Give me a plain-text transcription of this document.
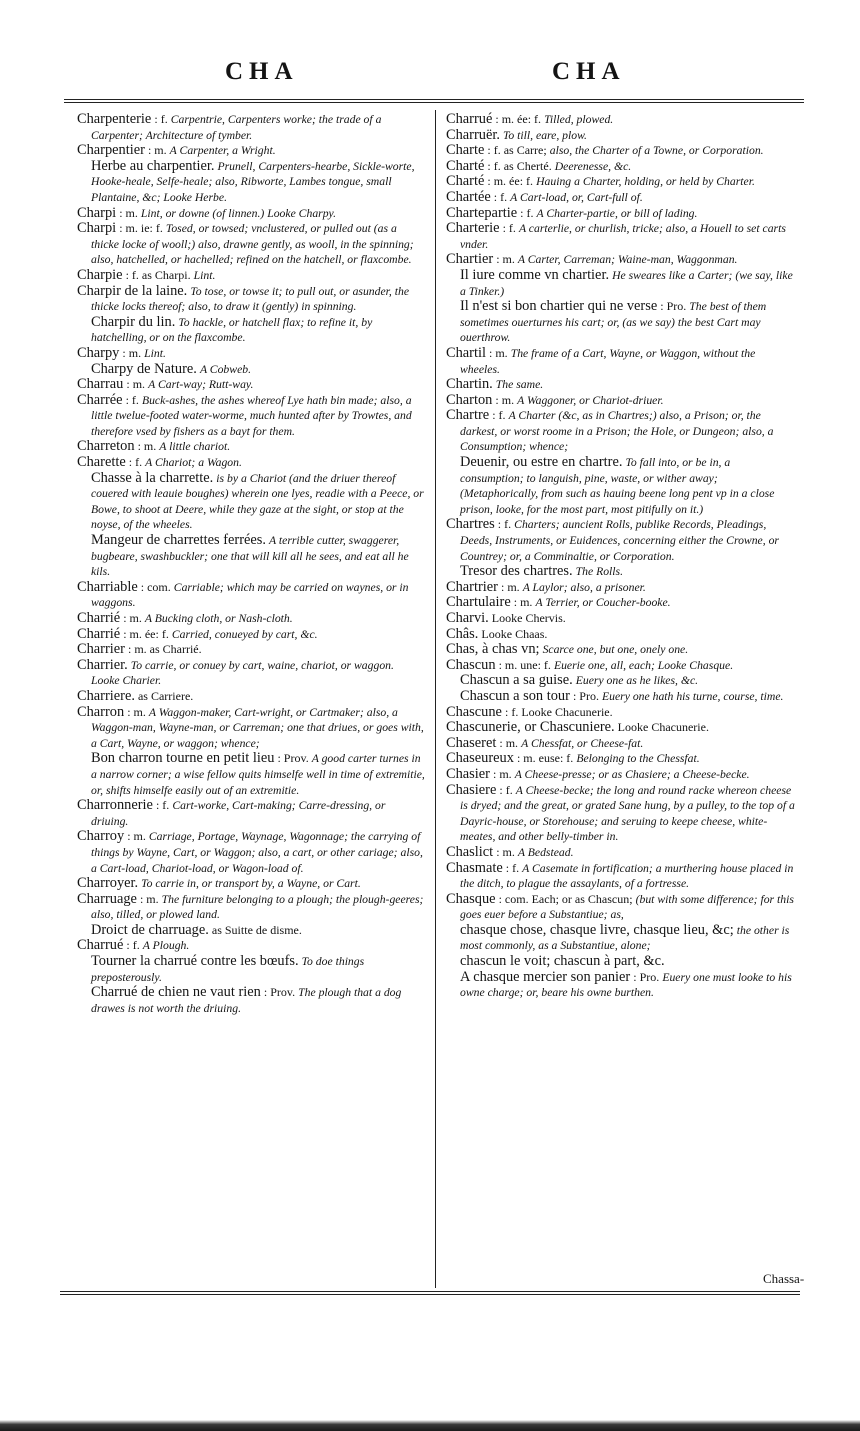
CHA	CHA

Charpenterie : f. Carpentrie, Carpenters worke; the trade of a Carpenter; Architecture of tymber.

Charpentier : m. A Carpenter, a Wright.

Herbe au charpentier. Prunell, Carpenters-hearbe, Sickle-worte, Hooke-heale, Selfe-heale; also, Ribworte, Lambes tongue, small Plantaine, &c; Looke Herbe.

Charpi : m. Lint, or downe (of linnen.) Looke Charpy.

Charpi : m. ie: f. Tosed, or towsed; vnclustered, or pulled out (as a thicke locke of wooll;) also, drawne gently, as wooll, in the spinning; also, hatchelled, or hachelled; refined on the hatchell, or flaxcombe.

Charpie : f. as Charpi. Lint.

Charpir de la laine. To tose, or towse it; to pull out, or asunder, the thicke locks thereof; also, to draw it (gently) in spinning.

Charpir du lin. To hackle, or hatchell flax; to refine it, by hatchelling, or on the flaxcombe.

Charpy : m. Lint.

Charpy de Nature. A Cobweb.

Charrau : m. A Cart-way; Rutt-way.

Charrée : f. Buck-ashes, the ashes whereof Lye hath bin made; also, a little twelue-footed water-worme, much hunted after by Trowtes, and therefore vsed by fishers as a bayt for them.

Charreton : m. A little chariot.

Charette : f. A Chariot; a Wagon.

Chasse à la charrette. is by a Chariot (and the driuer thereof couered with leauie boughes) wherein one lyes, readie with a Peece, or Bowe, to shoot at Deere, while they gaze at the sight, or stop at the noyse, of the wheeles.

Mangeur de charrettes ferrées. A terrible cutter, swaggerer, bugbeare, swashbuckler; one that will kill all he sees, and eat all he kils.

Charriable : com. Carriable; which may be carried on waynes, or in waggons.

Charrié : m. A Bucking cloth, or Nash-cloth.

Charrié : m. ée: f. Carried, conueyed by cart, &c.

Charrier : m. as Charrié.

Charrier. To carrie, or conuey by cart, waine, chariot, or waggon. Looke Charier.

Charriere. as Carriere.

Charron : m. A Waggon-maker, Cart-wright, or Cartmaker; also, a Waggon-man, Wayne-man, or Carreman; one that driues, or goes with, a Cart, Wayne, or waggon; whence;

Bon charron tourne en petit lieu : Prov. A good carter turnes in a narrow corner; a wise fellow quits himselfe well in time of extremitie, or, shifts himselfe easily out of an extremitie.

Charronnerie : f. Cart-worke, Cart-making; Carre-dressing, or driuing.

Charroy : m. Carriage, Portage, Waynage, Wagonnage; the carrying of things by Wayne, Cart, or Waggon; also, a cart, or other cariage; also, a Cart-load, Chariot-load, or Wagon-load of.

Charroyer. To carrie in, or transport by, a Wayne, or Cart.

Charruage : m. The furniture belonging to a plough; the plough-geeres; also, tilled, or plowed land.

Droict de charruage. as Suitte de disme.

Charrué : f. A Plough.

Tourner la charrué contre les bœufs. To doe things preposterously.

Charrué de chien ne vaut rien : Prov. The plough that a dog drawes is not worth the driuing.

Charrué : m. ée: f. Tilled, plowed.

Charruër. To till, eare, plow.

Charte : f. as Carre; also, the Charter of a Towne, or Corporation.

Charté : f. as Cherté. Deerenesse, &c.

Charté : m. ée: f. Hauing a Charter, holding, or held by Charter.

Chartée : f. A Cart-load, or, Cart-full of.

Chartepartie : f. A Charter-partie, or bill of lading.

Charterie : f. A carterlie, or churlish, tricke; also, a Houell to set carts vnder.

Chartier : m. A Carter, Carreman; Waine-man, Waggonman.

Il iure comme vn chartier. He sweares like a Carter; (we say, like a Tinker.)

Il n'est si bon chartier qui ne verse : Pro. The best of them sometimes ouerturnes his cart; or, (as we say) the best Cart may ouerthrow.

Chartil : m. The frame of a Cart, Wayne, or Waggon, without the wheeles.

Chartin. The same.

Charton : m. A Waggoner, or Chariot-driuer.

Chartre : f. A Charter (&c, as in Chartres;) also, a Prison; or, the darkest, or worst roome in a Prison; the Hole, or Dungeon; also, a Consumption; whence;

Deuenir, ou estre en chartre. To fall into, or be in, a consumption; to languish, pine, waste, or wither away; (Metaphorically, from such as hauing beene long pent vp in a close prison, looke, for the most part, most pitifully on it.)

Chartres : f. Charters; auncient Rolls, publike Records, Pleadings, Deeds, Instruments, or Euidences, concerning either the Crowne, or Countrey; or, a Comminaltie, or Corporation.

Tresor des chartres. The Rolls.

Chartrier : m. A Laylor; also, a prisoner.

Chartulaire : m. A Terrier, or Coucher-booke.

Charvi. Looke Chervis.

Châs. Looke Chaas.

Chas, à chas vn; Scarce one, but one, onely one.

Chascun : m. une: f. Euerie one, all, each; Looke Chasque.

Chascun a sa guise. Euery one as he likes, &c.

Chascun a son tour : Pro. Euery one hath his turne, course, time.

Chascune : f. Looke Chacunerie.

Chascunerie, or Chascuniere. Looke Chacunerie.

Chaseret : m. A Chessfat, or Cheese-fat.

Chaseureux : m. euse: f. Belonging to the Chessfat.

Chasier : m. A Cheese-presse; or as Chasiere; a Cheese-becke.

Chasiere : f. A Cheese-becke; the long and round racke whereon cheese is dryed; and the great, or grated Sane hung, by a pulley, to the top of a Dayric-house, or Storehouse; and seruing to keepe cheese, white-meates, and other belly-timber in.

Chaslict : m. A Bedstead.

Chasmate : f. A Casemate in fortification; a murthering house placed in the ditch, to plague the assaylants, of a fortresse.

Chasque : com. Each; or as Chascun; (but with some difference; for this goes euer before a Substantiue; as,

chasque chose, chasque livre, chasque lieu, &c; the other is most commonly, as a Substantiue, alone;

chascun le voit; chascun à part, &c.

A chasque mercier son panier : Pro. Euery one must looke to his owne charge; or, beare his owne burthen.

Chassa-
